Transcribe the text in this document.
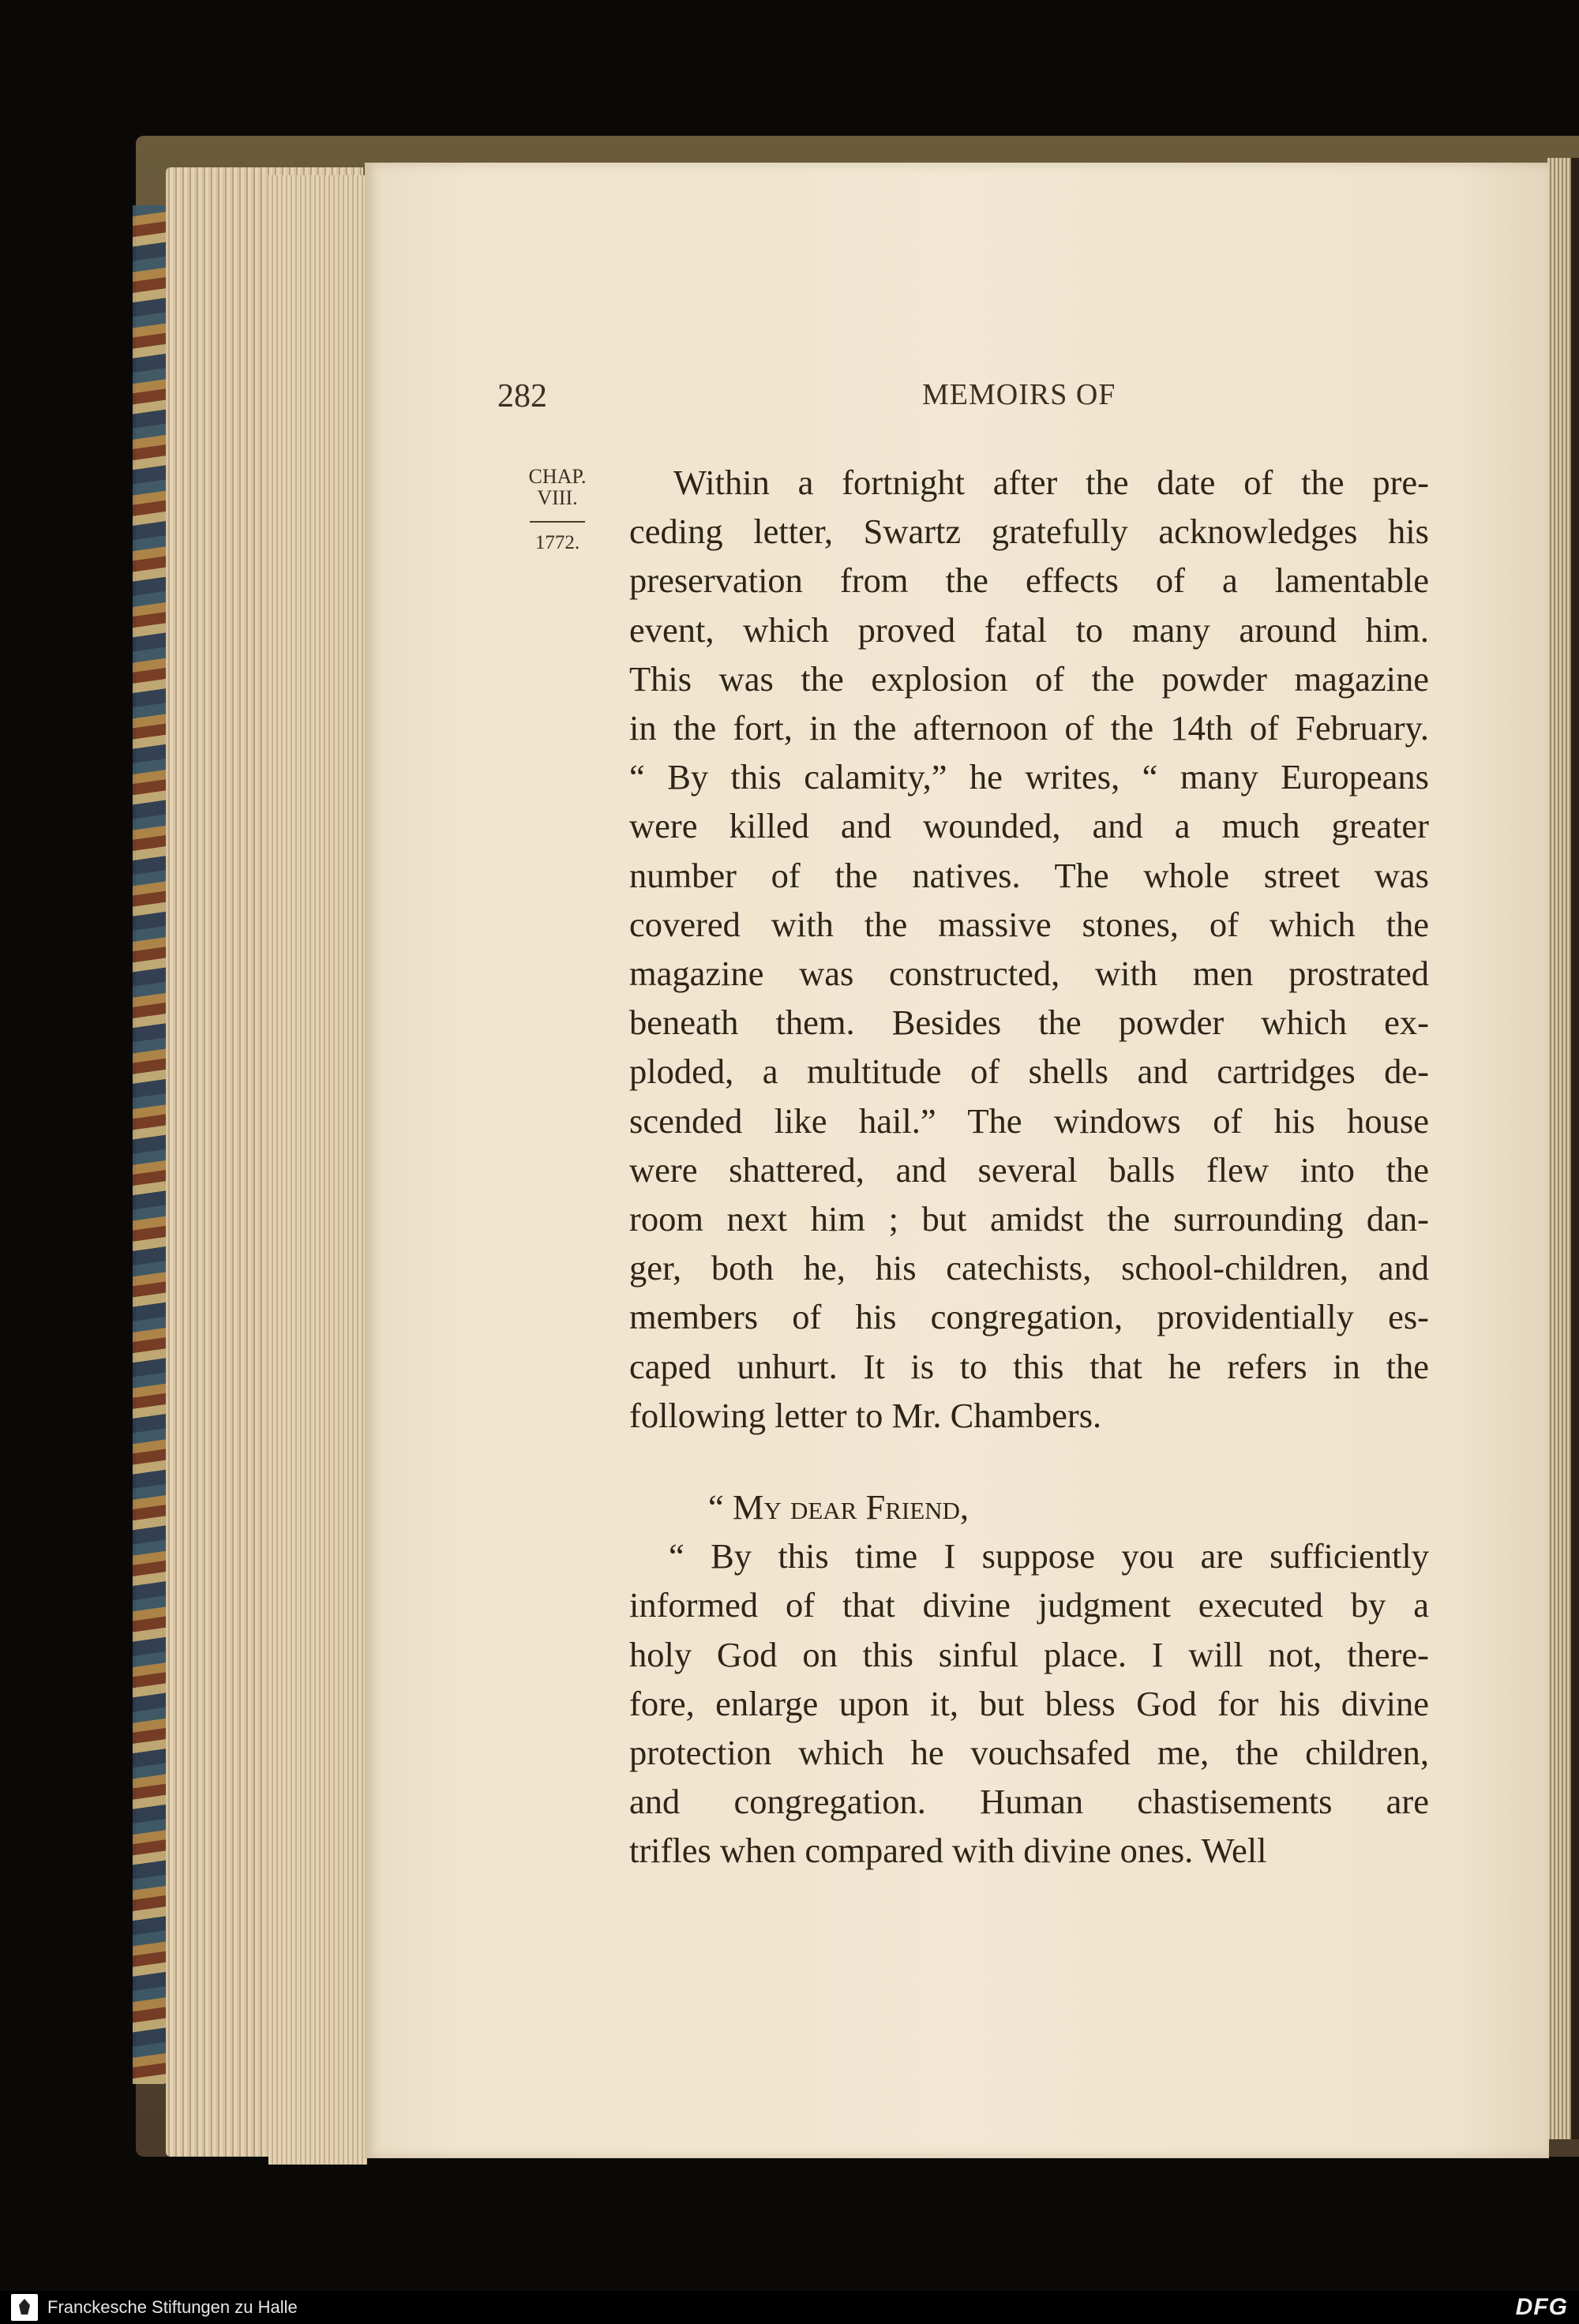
282	MEMOIRS OF
CHAP.
VIII.
1772.
Within a fortnight after the date of the pre-
ceding letter, Swartz gratefully acknowledges his
preservation from the effects of a lamentable
event, which proved fatal to many around him.
This was the explosion of the powder magazine
in the fort, in the afternoon of the 14th of February.
“ By this calamity,” he writes, “ many Europeans
were killed and wounded, and a much greater
number of the natives. The whole street was
covered with the massive stones, of which the
magazine was constructed, with men prostrated
beneath them. Besides the powder which ex-
ploded, a multitude of shells and cartridges de-
scended like hail.” The windows of his house
were shattered, and several balls flew into the
room next him ; but amidst the surrounding dan-
ger, both he, his catechists, school-children, and
members of his congregation, providentially es-
caped unhurt. It is to this that he refers in the
following letter to Mr. Chambers.
“ My dear Friend,
“ By this time I suppose you are sufficiently
informed of that divine judgment executed by a
holy God on this sinful place. I will not, there-
fore, enlarge upon it, but bless God for his divine
protection which he vouchsafed me, the children,
and congregation. Human chastisements are
trifles when compared with divine ones. Well
Franckesche Stiftungen zu Halle	DFG
